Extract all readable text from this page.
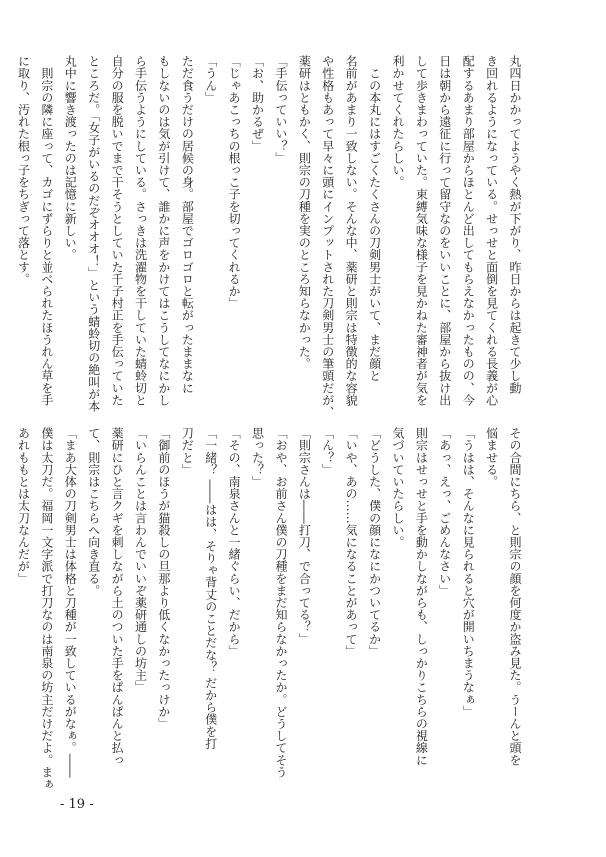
丸四日かかってようやく熱が下がり、昨日からは起きて少し動
き回れるようになっている。せっせと面倒を見てくれる長義が心
配するあまり部屋からほとんど出してもらえなかったものの、今
日は朝から遠征に行って留守なのをいいことに、部屋から抜け出
して歩きまわっていた。束縛気味な様子を見かねた審神者が気を
利かせてくれたらしい。
　この本丸にはすごくたくさんの刀剣男士がいて、まだ顔と
名前があまり一致しない。そんな中、薬研と則宗は特徴的な容貌
や性格もあって早々に頭にインプットされた刀剣男士の筆頭だが、
薬研はともかく、則宗の刀種を実のところ知らなかった。
「手伝っていい？」
「お、助かるぜ」
「じゃあこっちの根っこ子を切ってくれるか」
「うん」
ただ食うだけの居候の身。部屋でゴロゴロと転がったままなに
もしないのは気が引けて、誰かに声をかけてはこうしてなにかし
ら手伝うようにしている。さっきは洗濯物を干していた蜻蛉切と
自分の服を脱いでまで干そうとしていた千子村正を手伝っていた
ところだ。「女子がいるのだぞオオオ！」という蜻蛉切の絶叫が本
丸中に響き渡ったのは記憶に新しい。
　則宗の隣に座って、カゴにずらりと並べられたほうれん草を手
に取り、汚れた根っ子をちぎって落とす。
その合間にちら、と則宗の顔を何度か盗み見た。うーんと頭を
悩ませる。
「うはは、そんなに見られると穴が開いちまうなぁ」
「あっ、えっ、ごめんなさい」
則宗はせっせと手を動かしながらも、しっかりこちらの視線に
気づいていたらしい。
「どうした、僕の顔になにかついてるか」
「いや、あの……気になることがあって」
「ん？」
「則宗さんは――打刀、で合ってる？」
「おや、お前さん僕の刀種をまだ知らなかったか。どうしてそう
思った？」
「その、南泉さんと一緒ぐらい、だから」
「一緒？ ――はは、そりゃ背丈のことだな？ だから僕を打
刀だと」
「御前のほうが猫殺しの旦那より低くなかったっけか」
「いらんことは言わんでいいぞ薬研通しの坊主」
薬研にひと言クギを刺しながら土のついた手をぱんぱんと払っ
て、則宗はこちらへ向き直る。
「まあ大体の刀剣男士は体格と刀種が一致しているがなぁ。――
僕は太刀だ。福岡一文字派で打刀なのは南泉の坊主だけだよ。まぁ
あれももとは太刀なんだが」
- 19 -
